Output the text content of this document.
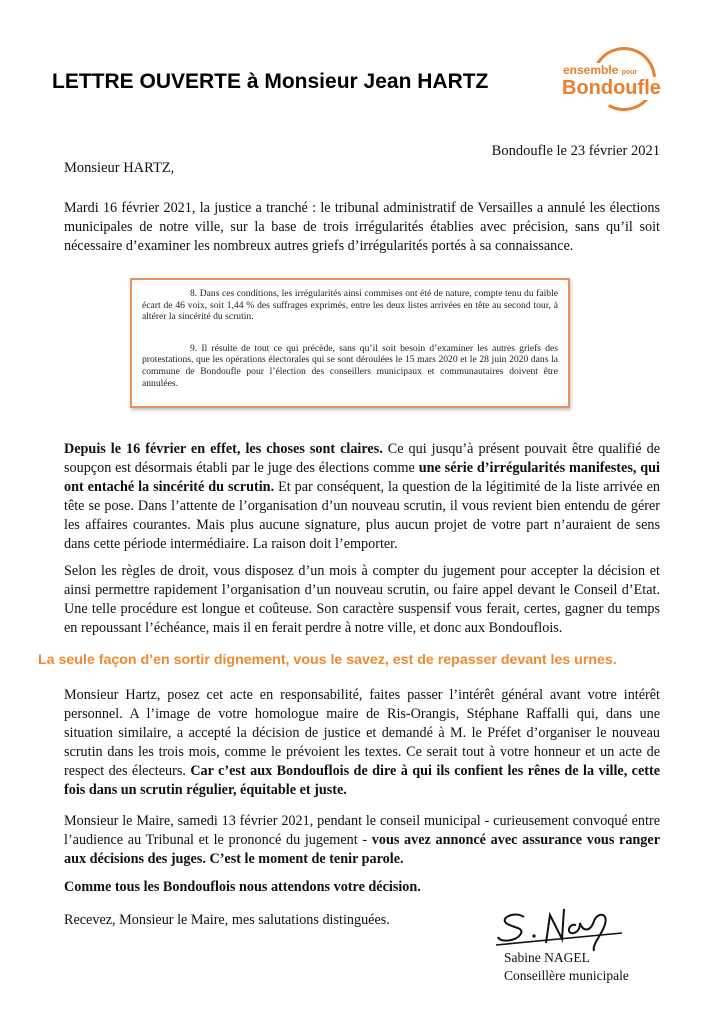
LETTRE OUVERTE à Monsieur Jean HARTZ	ensemble pour
Bondoufle
Bondoufle le 23 février 2021
Monsieur HARTZ,
Mardi 16 février 2021, la justice a tranché : le tribunal administratif de Versailles a annulé les élections municipales de notre ville, sur la base de trois irrégularités établies avec précision, sans qu’il soit nécessaire d’examiner les nombreux autres griefs d’irrégularités portés à sa connaissance.

8. Dans ces conditions, les irrégularités ainsi commises ont été de nature, compte tenu du faible écart de 46 voix, soit 1,44 % des suffrages exprimés, entre les deux listes arrivées en tête au second tour, à altérer la sincérité du scrutin.

9. Il résulte de tout ce qui précède, sans qu’il soit besoin d’examiner les autres griefs des protestations, que les opérations électorales qui se sont déroulées le 15 mars 2020 et le 28 juin 2020 dans la commune de Bondoufle pour l’élection des conseillers municipaux et communautaires doivent être annulées.

Depuis le 16 février en effet, les choses sont claires. Ce qui jusqu’à présent pouvait être qualifié de soupçon est désormais établi par le juge des élections comme une série d’irrégularités manifestes, qui ont entaché la sincérité du scrutin. Et par conséquent, la question de la légitimité de la liste arrivée en tête se pose. Dans l’attente de l’organisation d’un nouveau scrutin, il vous revient bien entendu de gérer les affaires courantes. Mais plus aucune signature, plus aucun projet de votre part n’auraient de sens dans cette période intermédiaire. La raison doit l’emporter.
Selon les règles de droit, vous disposez d’un mois à compter du jugement pour accepter la décision et ainsi permettre rapidement l’organisation d’un nouveau scrutin, ou faire appel devant le Conseil d’Etat. Une telle procédure est longue et coûteuse. Son caractère suspensif vous ferait, certes, gagner du temps en repoussant l’échéance, mais il en ferait perdre à notre ville, et donc aux Bondouflois.
La seule façon d’en sortir dignement, vous le savez, est de repasser devant les urnes.
Monsieur Hartz, posez cet acte en responsabilité, faites passer l’intérêt général avant votre intérêt personnel. A l’image de votre homologue maire de Ris-Orangis, Stéphane Raffalli qui, dans une situation similaire, a accepté la décision de justice et demandé à M. le Préfet d’organiser le nouveau scrutin dans les trois mois, comme le prévoient les textes. Ce serait tout à votre honneur et un acte de respect des électeurs. Car c’est aux Bondouflois de dire à qui ils confient les rênes de la ville, cette fois dans un scrutin régulier, équitable et juste.
Monsieur le Maire, samedi 13 février 2021, pendant le conseil municipal - curieusement convoqué entre l’audience au Tribunal et le prononcé du jugement - vous avez annoncé avec assurance vous ranger aux décisions des juges. C’est le moment de tenir parole.
Comme tous les Bondouflois nous attendons votre décision.
Recevez, Monsieur le Maire, mes salutations distinguées.
Sabine NAGEL
Conseillère municipale
